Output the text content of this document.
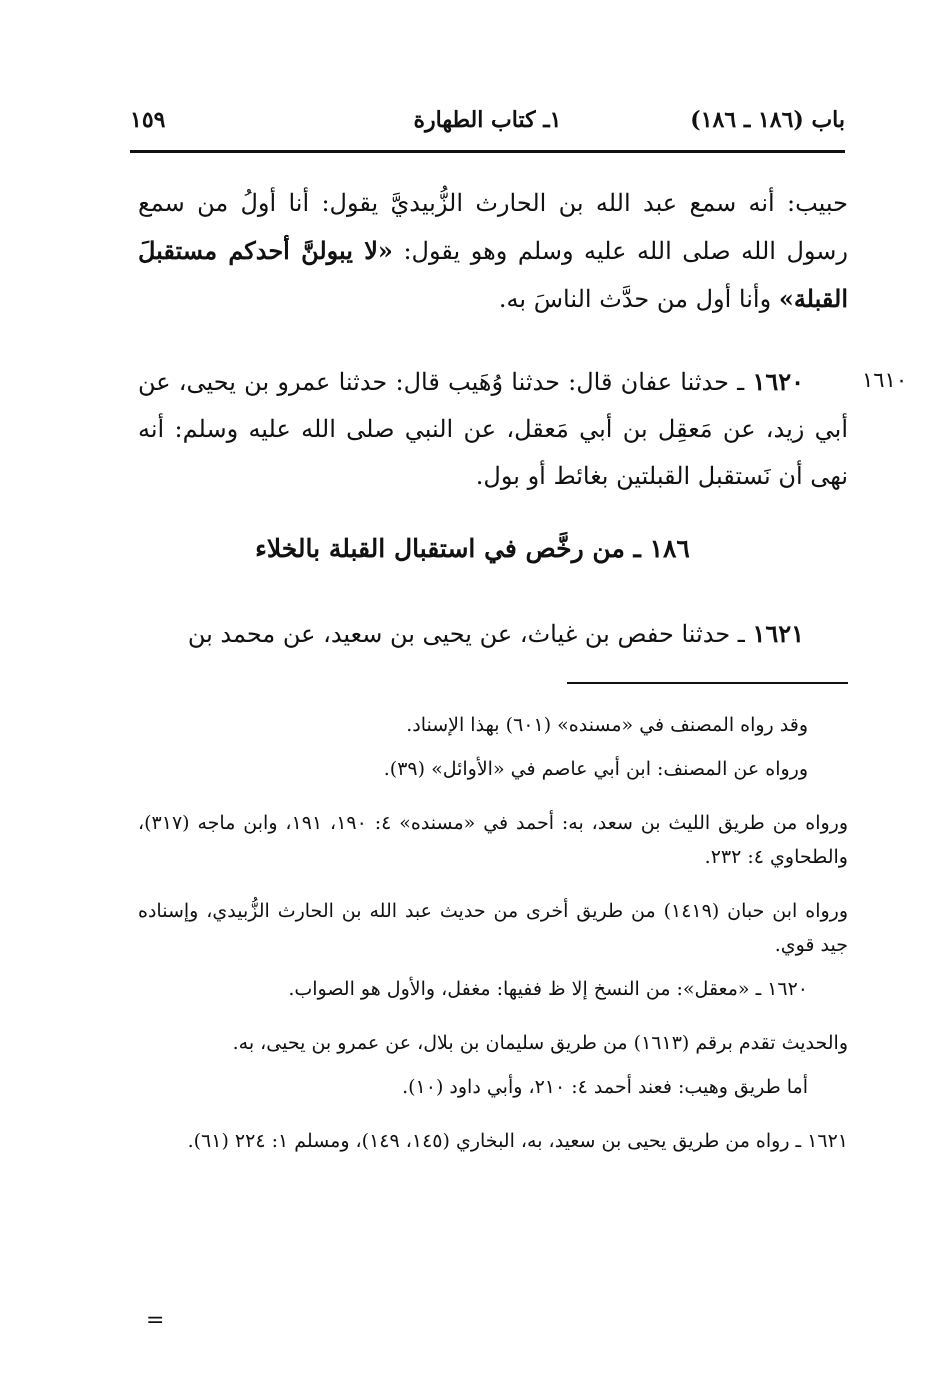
باب (١٨٦ ـ ١٨٦)
١ـ كتاب الطهارة
١٥٩
حبيب: أنه سمع عبد الله بن الحارث الزُّبيديَّ يقول: أنا أولُ من سمع رسول الله صلى الله عليه وسلم وهو يقول: «لا يبولنَّ أحدكم مستقبلَ القبلة» وأنا أول من حدَّث الناسَ به.
١٦١٠
١٦٢٠ ـ حدثنا عفان قال: حدثنا وُهَيب قال: حدثنا عمرو بن يحيى، عن أبي زيد، عن مَعقِل بن أبي مَعقل، عن النبي صلى الله عليه وسلم: أنه نهى أن نَستقبل القبلتين بغائط أو بول.
١٨٦ ـ من رخَّص في استقبال القبلة بالخلاء
١٦٢١ ـ حدثنا حفص بن غياث، عن يحيى بن سعيد، عن محمد بن

وقد رواه المصنف في «مسنده» (٦٠١) بهذا الإسناد.

ورواه عن المصنف: ابن أبي عاصم في «الأوائل» (٣٩).

ورواه من طريق الليث بن سعد، به: أحمد في «مسنده» ٤: ١٩٠، ١٩١، وابن ماجه (٣١٧)، والطحاوي ٤: ٢٣٢.

ورواه ابن حبان (١٤١٩) من طريق أخرى من حديث عبد الله بن الحارث الزُّبيدي، وإسناده جيد قوي.

١٦٢٠ ـ «معقل»: من النسخ إلا ظ ففيها: مغفل، والأول هو الصواب.

والحديث تقدم برقم (١٦١٣) من طريق سليمان بن بلال، عن عمرو بن يحيى، به.

أما طريق وهيب: فعند أحمد ٤: ٢١٠، وأبي داود (١٠).

١٦٢١ ـ رواه من طريق يحيى بن سعيد، به، البخاري (١٤٥، ١٤٩)، ومسلم ١: ٢٢٤ (٦١).

=
